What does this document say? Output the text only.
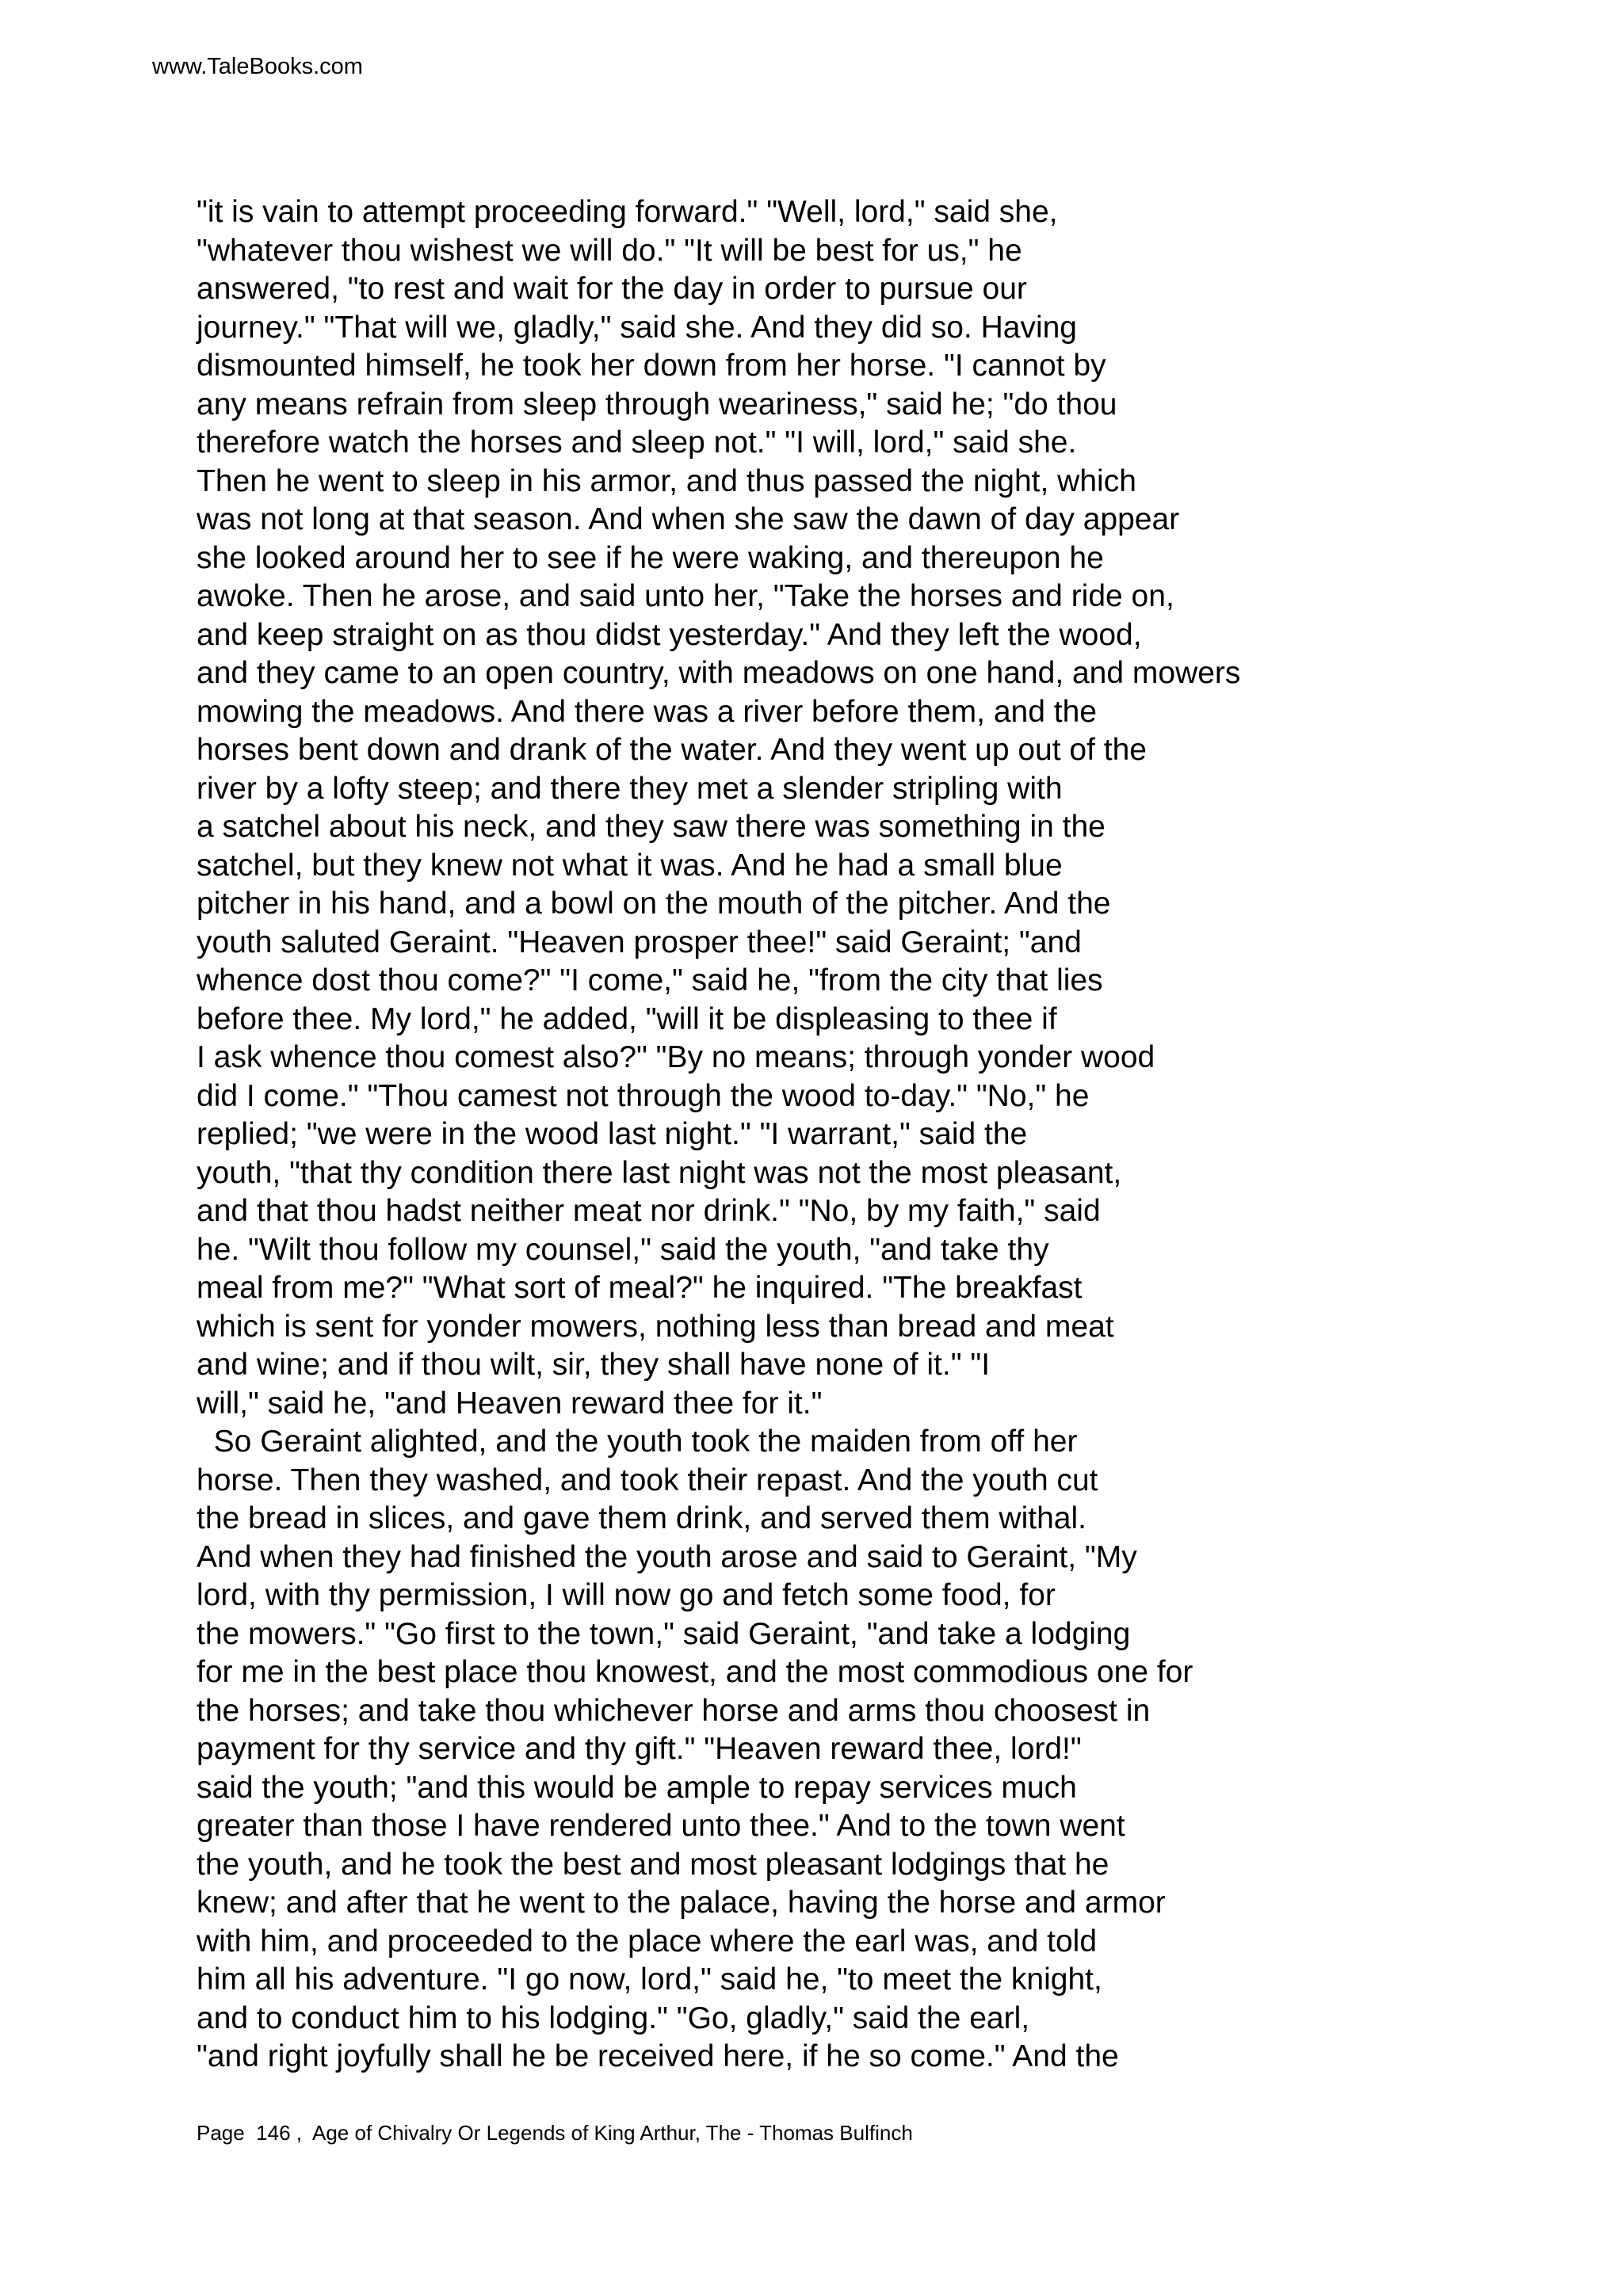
www.TaleBooks.com
"it is vain to attempt proceeding forward." "Well, lord," said she,
"whatever thou wishest we will do." "It will be best for us," he
answered, "to rest and wait for the day in order to pursue our
journey." "That will we, gladly," said she. And they did so. Having
dismounted himself, he took her down from her horse. "I cannot by
any means refrain from sleep through weariness," said he; "do thou
therefore watch the horses and sleep not." "I will, lord," said she.
Then he went to sleep in his armor, and thus passed the night, which
was not long at that season. And when she saw the dawn of day appear
she looked around her to see if he were waking, and thereupon he
awoke. Then he arose, and said unto her, "Take the horses and ride on,
and keep straight on as thou didst yesterday." And they left the wood,
and they came to an open country, with meadows on one hand, and mowers
mowing the meadows. And there was a river before them, and the
horses bent down and drank of the water. And they went up out of the
river by a lofty steep; and there they met a slender stripling with
a satchel about his neck, and they saw there was something in the
satchel, but they knew not what it was. And he had a small blue
pitcher in his hand, and a bowl on the mouth of the pitcher. And the
youth saluted Geraint. "Heaven prosper thee!" said Geraint; "and
whence dost thou come?" "I come," said he, "from the city that lies
before thee. My lord," he added, "will it be displeasing to thee if
I ask whence thou comest also?" "By no means; through yonder wood
did I come." "Thou camest not through the wood to-day." "No," he
replied; "we were in the wood last night." "I warrant," said the
youth, "that thy condition there last night was not the most pleasant,
and that thou hadst neither meat nor drink." "No, by my faith," said
he. "Wilt thou follow my counsel," said the youth, "and take thy
meal from me?" "What sort of meal?" he inquired. "The breakfast
which is sent for yonder mowers, nothing less than bread and meat
and wine; and if thou wilt, sir, they shall have none of it." "I
will," said he, "and Heaven reward thee for it."
So Geraint alighted, and the youth took the maiden from off her
horse. Then they washed, and took their repast. And the youth cut
the bread in slices, and gave them drink, and served them withal.
And when they had finished the youth arose and said to Geraint, "My
lord, with thy permission, I will now go and fetch some food, for
the mowers." "Go first to the town," said Geraint, "and take a lodging
for me in the best place thou knowest, and the most commodious one for
the horses; and take thou whichever horse and arms thou choosest in
payment for thy service and thy gift." "Heaven reward thee, lord!"
said the youth; "and this would be ample to repay services much
greater than those I have rendered unto thee." And to the town went
the youth, and he took the best and most pleasant lodgings that he
knew; and after that he went to the palace, having the horse and armor
with him, and proceeded to the place where the earl was, and told
him all his adventure. "I go now, lord," said he, "to meet the knight,
and to conduct him to his lodging." "Go, gladly," said the earl,
"and right joyfully shall he be received here, if he so come." And the
Page  146 ,  Age of Chivalry Or Legends of King Arthur, The - Thomas Bulfinch
